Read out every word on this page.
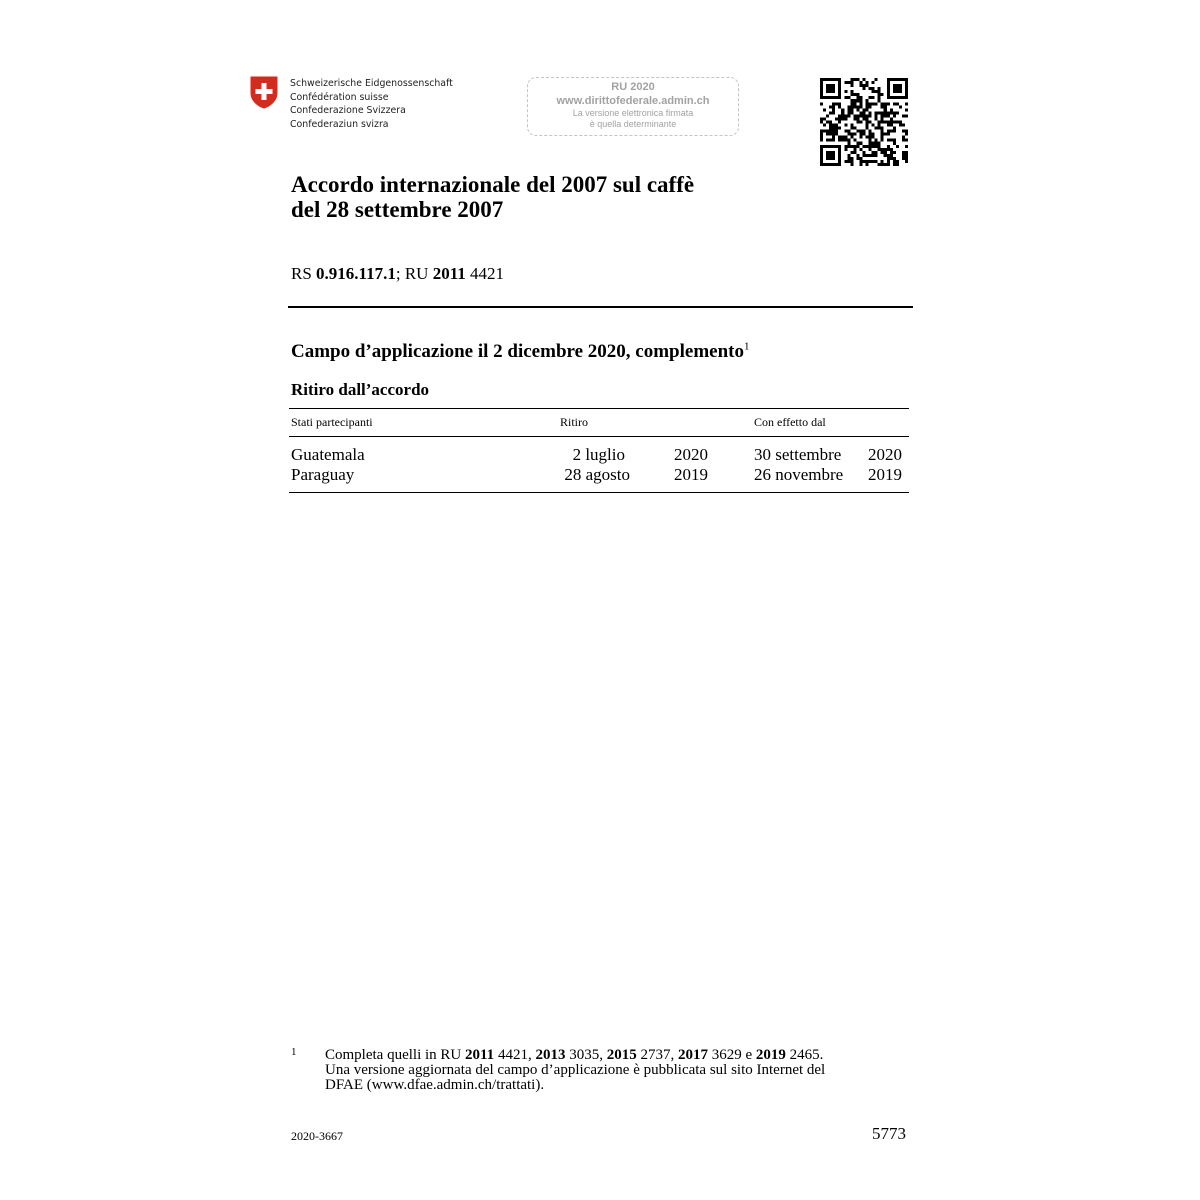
Schweizerische Eidgenossenschaft
Confédération suisse
Confederazione Svizzera
Confederaziun svizra
RU 2020
www.dirittofederale.admin.ch
La versione elettronica firmata
è quella determinante
Accordo internazionale del 2007 sul caffè
del 28 settembre 2007
RS 0.916.117.1; RU 2011 4421
Campo d’applicazione il 2 dicembre 2020, complemento$^1$
Ritiro dall’accordo
Stati partecipanti	Ritiro	Con effetto dal
Guatemala	2 luglio	2020	30 settembre 2020
Paraguay	28 agosto	2019	26 novembre 2019
1 Completa quelli in RU 2011 4421, 2013 3035, 2015 2737, 2017 3629 e 2019 2465.
Una versione aggiornata del campo d’applicazione è pubblicata sul sito Internet del
DFAE (www.dfae.admin.ch/trattati).
2020-3667	5773
